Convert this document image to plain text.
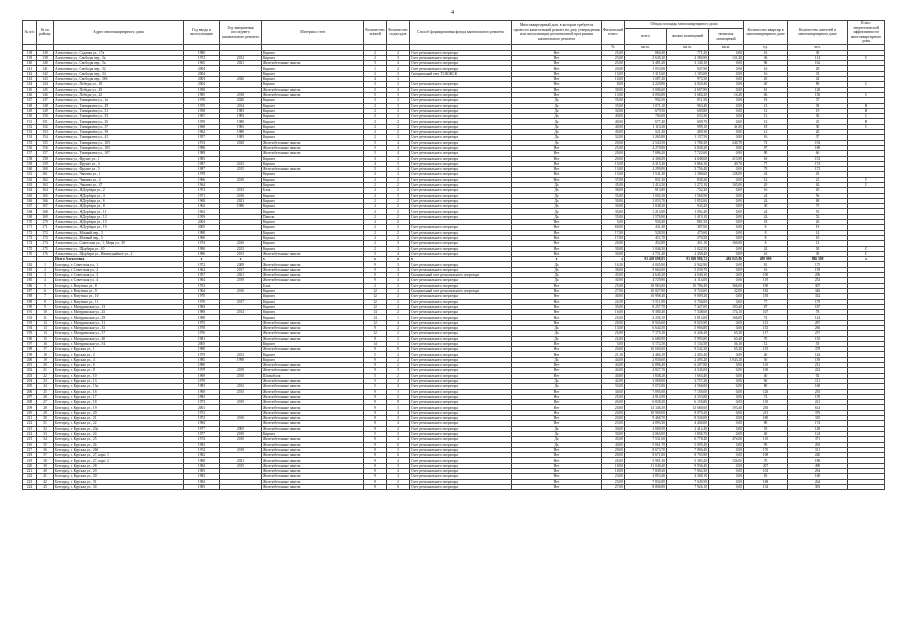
4
№ п/п	№ по району	Адрес многоквартирного дома	Год ввода в эксплуатацию	Год завершения последнего капитального ремонта	Материал стен	Количество этажей	Количество подъездов	Способ формирования фонда капитального ремонта	Многоквартирный дом, в котором требуется провести капитальный ремонт на дату утверждения или актуализации региональной программы капитального ремонта	Физический износ	Общая площадь многоквартирного дома			Количество квартир в многоквартирном доме	Количество жителей в многоквартирном доме	Класс энергетической эффективности многоквартирного дома
											всего	жилых помещений	нежилых помещений			
										%	кв.м.	кв.м.	кв.м.	ед.	чел.	
138	138	Алексеевка ул., Садовая ул., 17а	1980		Кирпич	2	2	Счет регионального оператора	Нет	25,00	860,40	771,20	0,00	16	30	
139	139	Алексеевка ул., Свободы пер., 3а	1972	2012	Кирпич	2	3	Счет регионального оператора	Нет	25,00	2 645,20	2 380,90	121,20	36	114	С
140	140	Алексеевка ул., Свободы пер., 5а	1965	2021	Железобетонные панели	5	4	Счет регионального оператора	Нет	25,00	3 481,20	3 140,10	0,00	80	162	
141	141	Алексеевка ул., Свободы пер., 32	2004		Кирпич	1	2	Счет регионального оператора	Нет	20,00	1 053,80	947,90	0,00	16	28	
142	142	Алексеевка ул., Свободы пер., 34	2004		Кирпич	2	2	Специальный счет ТСЖ/ЖСК	Нет	15,00	1 315,60	1 183,00	0,00	16	33	
143	143	Алексеевка ул., Свободы пер., 36б	2003	2020	Кирпич	4	1		Нет	10,00	1 087,40	973,50	0,00	20	42	
144	144	Алексеевка ул., Победы ул., 18	2004		Кирпич	3	2	Счет регионального оператора	Нет	8,00	2 229,80	2 020,40	0,00	40	80	С
145	145	Алексеевка ул., Победы ул., 20	1958		Железобетонные панели	5	4	Счет регионального оператора	Нет	30,00	3 006,60	2 697,80	0,00	61	128	
146	146	Алексеевка ул., Победы ул., 22	1985	2018	Железобетонные панели	5	3	Счет регионального оператора	Нет	15,00	4 094,80	3 684,20	14,40	66	156	С
147	147	Алексеевка ул., Тимирязева ул., 1а	1978	2020	Кирпич	3	2	Счет регионального оператора	Да	35,00	902,50	811,50	0,00	18	37	
148	148	Алексеевка ул., Тимирязева ул., 29	1970	2014	Кирпич	2	3	Счет регионального оператора	Да	35,00	1 071,10	963,40	0,00	21	38	В
149	149	Алексеевка ул., Тимирязева ул., 31	1958	1983	Кирпич	2	2	Счет регионального оператора	Да	30,00	679,50	609,80	0,00	12	19	В
150	150	Алексеевка ул., Тимирязева ул., 33	1967	1983	Кирпич	2	2	Счет регионального оператора	Да	40,00	704,00	633,30	0,00	12	30	С
151	151	Алексеевка ул., Тимирязева ул., 35	1959	1980	Кирпич	2	2	Счет регионального оператора	Да	40,00	677,40	609,70	0,00	12	25	В
152	152	Алексеевка ул., Тимирязева ул., 37	1968	1983	Кирпич	2	2	Счет регионального оператора	Да	40,00	1 110,30	999,10	41,00	18	30	С
153	153	Алексеевка ул., Тимирязева ул., 39	1962	1980	Кирпич	2	2	Счет регионального оператора	Да	40,00	521,40	469,30	0,00	12	20	
154	154	Алексеевка ул., Тимирязева ул., 41	1957	1983	Кирпич	2	2	Счет регионального оператора	Да	32,00	1 265,80	1 137,50	0,00	16	37	
155	155	Алексеевка ул., Тимирязева ул., 103	1974	2020	Железобетонные панели	5	4	Счет регионального оператора	Да	20,00	2 543,50	1 786,30	240,70	72	194	
156	156	Алексеевка ул., Тимирязева ул., 105	1988		Железобетонные панели	5	4	Счет регионального оператора	Нет	25,00	4 279,80	3 849,20	0,00	87	188	
157	157	Алексеевка ул., Тимирязева ул., 107	1988		Железобетонные панели	5	4	Счет регионального оператора	Нет	20,00	7 886,20	7 722,60	0,00	80	66	
158	158	Алексеевка ул., Фрунзе ул., 1	1983		Кирпич	3	2	Счет регионального оператора	Нет	20,00	4 306,00	4 048,60	213,90	63	153	
159	159	Алексеевка ул., Фрунзе ул., 3	1987	2013	Кирпич	4	3	Счет регионального оператора	Нет	15,00	4 315,40	3 866,10	49,70	77	174	
160	160	Алексеевка ул., Фрунзе ул., 5	1987	2015	Железобетонные панели	5	4	Счет регионального оператора	Нет	15,00	4 299,80	3 756,40	0,00	79	172	
161	161	Алексеевка ул., Чапаева ул., 1	1978		Кирпич	3	2	Счет регионального оператора	Нет	15,00	1 541,40	1 386,60	128,00	24	45	
162	162	Алексеевка ул., Чапаева ул., 4	1966	2010	Кирпич	2	2	Счет регионального оператора	Нет	37,00	931,30	838,20	0,00	12	21	С
163	163	Алексеевка ул., Чапаева ул., 47	1964		Кирпич	2	2	Счет регионального оператора	Да	45,00	1 414,30	1 272,10	165,00	20	62	С
164	164	Алексеевка ул., ЖДорбари ул., 2	1973	2013	Блок	2	2	Счет регионального оператора	Да	38,00	813,80	732,30	0,00	16	20	
165	165	Алексеевка ул., ЖДорбари ул., 4	1971	2016	Кирпич	2	3	Счет регионального оператора	Да	35,00	1 002,30	1 560,50	0,00	24	56	
166	166	Алексеевка ул., ЖДорбари ул., 6	1968	2021	Кирпич	2	2	Счет регионального оператора	Да	30,00	2 053,70	1 852,60	0,00	24	68	
167	167	Алексеевка ул., ЖДорбари ул., 8	1962	1986	Кирпич	2	2	Счет регионального оператора	Да	30,00	1 048,20	943,20	0,00	30	75	
168	168	Алексеевка ул., ЖДорбари ул., 11	1963		Кирпич	2	2	Счет регионального оператора	Да	30,00	1 213,80	1 092,40	0,00	24	55	
169	169	Алексеевка ул., ЖДорбари ул., 13	1959		Панели	2	2	Счет регионального оператора	Да	35,00	1 576,80	1 419,10	0,00	24	52	
170	170	Алексеевка ул., ЖДорбари ул., 15	2004		Кирпич	2	2		Нет	5,00	930,40	881,50	0,00	18	26	
171	171	Алексеевка ул., ЖДорбари ул., 19	2005		Кирпич	2	2	Счет регионального оператора	Нет	60,00	431,40	387,60	0,00	8	19	
172	172	Алексеевка ул., Южный пер., 3	1988		Кирпич	2	2	Счет регионального оператора	Нет	17,00	528,50	475,60	0,00	8	14	
173	173	Алексеевка ул., Южный пер., 5	1960		Кирпич	2	2	Счет регионального оператора	Нет	17,00	411,70	370,50	0,00	8	10	
174	174	Алексеевка ул., Советская ул., 1, Мира ул., 39	1974	2016	Кирпич	2	3	Счет регионального оператора	Нет	20,00	452,80	451,10	160,00	8	13	
175	175	Алексеевка ул., Щорбари ул., 10	1990	2013	Кирпич	2	2	Счет регионального оператора	Нет	30,00	1 046,50	1 022,50	0,00	24	30	С
176	176	Алексеевка ул., Щорбари ул., Ивантуцыйное ул., 2	1980	2013	Железобетонные панели	5	4	Счет регионального оператора	Нет	30,00	2 731,40	2 458,40	0,00	16	30	С
		Итого Алексеевка	х	х	х	х	х	х	х	х	93 438 698,85	83 849 886,72	486 025,86	498 000	886 308	х
182	1	Белгород, г. Советская ул., 1	1972	2009	Железобетонные панели	9	3	Счет регионального оператора	Да	16,50	4 005,80	3 942,90	0,00	81	175	
183	2	Белгород, г. Советская ул., 2	1962	2017	Железобетонные панели	9	4	Счет регионального оператора	Да	38,00	5 664,00	5 039,70	0,00	16	159	
184	3	Белгород, г. Советская ул., 3	1957	2021	Железобетонные панели	9	3	Специальный счет регионального оператора	Да	45,00	4 645,20	4 046,30	0,00	100	206	
185	4	Белгород, г. Советская ул., 4	1964	2019	Железобетонные панели	9	4	Счет регионального оператора	Да	30,00	4 729,90	4 114,00	0,00	119	253	
186	5	Белгород, г. Ватутина ул., 8	1972		Блок	2	2	Счет регионального оператора	Нет	25,00	10 963,00	10 786,40	366,00	190	307	
187	6	Белгород, г. Ватутина ул., 9	1964	2016	Кирпич	12	2	Специальный счет регионального оператора	Нет	27,90	10 827,80	9 724,00	32,00	182	346	
188	7	Белгород, г. Ватутина ул., 10	1970		Кирпич	12	2	Счет регионального оператора	Нет	40,00	10 908,40	9 809,20	0,00	150	332	
189	8	Белгород, г. Ватутина ул., 11	1970	2017	Кирпич	12	2	Счет регионального оператора	Нет	24,50	5 511,90	5 726,00	0,00	77	179	
190	9	Белгород, г. Мичуринская ул., 13	1984		Кирпич	12	2	Счет регионального оператора	Нет	35,00	8 257,70	7 427,00	103,40	87	187	
191	10	Белгород, г. Мичуринская ул., 25	1988	2014	Кирпич	14	2	Счет регионального оператора	Нет	16,00	8 380,40	7 548,60	174,10	107	78	
192	11	Белгород, г. Мичуринская ул., 29	1988		Кирпич	14	1	Счет регионального оператора	Нет	25,00	4 236,10	3 813,00	166,00	74	124	
193	12	Белгород, г. Мичуринская ул., 31	1975		Железобетонные панели	12	4	Счет регионального оператора	Нет	20,00	8 926,60	8 025,90	0,00	115	287	
194	13	Белгород, г. Мичуринская ул., 35	1978		Железобетонные панели	9	2	Счет регионального оператора	Да	15,00	6 644,50	5 966,80	0,00	133	266	
195	14	Белгород, г. Мичуринская ул., 37	1976		Железобетонные панели	12	2	Счет регионального оператора	Да	25,00	7 175,10	6 446,20	65,20	117	237	
196	15	Белгород, г. Мичуринская ул., 40	1981		Железобетонные панели	9	2	Счет регионального оператора	Да	22,00	6 680,90	5 995,80	63,40	70	155	
197	16	Белгород, г. Мичуринская ул., 54	2005		Кирпич	14	1	Счет регионального оператора	Нет	5,00	5 172,30	5 134,50	36,10	12	35	
198	17	Белгород, г. Курская ул., 1	1980		Железобетонные панели	9	8	Счет регионального оператора	Нет	20,00	10 604,00	9 542,30	65,20	155	378	
199	18	Белгород, г. Курская ул., 2	1979	2013	Кирпич	5	2	Счет регионального оператора	Нет	21,10	2 466,10	2 403,40	0,00	40	144	
200	19	Белгород, г. Курская ул., 4	1985	1998	Кирпич	9	2	Счет регионального оператора	Да	44,00	2 830,60	2 495,20	1 043,20	50	139	
201	20	Белгород, г. Курская ул., 6	1980		Железобетонные панели	9	2	Счет регионального оператора	Нет	44,00	6 896,40	6 207,80	0,00	110	212	
202	21	Белгород, г. Курская ул., 8	1979	2019	Железобетонные панели	9	3	Счет регионального оператора	Нет	44,00	4 827,70	4 345,00	0,00	100	222	
203	22	Белгород, г. Курская ул., 10	1969	2010	Шлакоблок	5	2	Счет регионального оператора	Нет	40,00	1 848,20	1 663,40	0,00	40	92	
204	23	Белгород, г. Курская ул., 13	1970		Железобетонные панели	5	4	Счет регионального оператора	Да	42,00	3 068,00	2 757,20	0,00	60	111	
205	24	Белгород, г. Курская ул., 15а	1983	2012	Железобетонные панели	5	4	Счет регионального оператора	Да	33,00	5 072,80	4 566,00	0,00	80	160	
206	25	Белгород, г. Курская ул., 16	1990	2015	Железобетонные панели	9	1	Счет регионального оператора	Нет	30,00	7 095,00	7 156,00	0,00	120	255	
207	26	Белгород, г. Курская ул., 17	1983		Железобетонные панели	9	2	Счет регионального оператора	Нет	25,00	4 814,90	4 333,80	0,00	72	159	
208	27	Белгород, г. Курская ул., 18	1973	2019	Железобетонные панели	9	8	Счет регионального оператора	Нет	26,00	6 838,20	6 156,80	0,00	110	221	
209	28	Белгород, г. Курская ул., 19	2001		Железобетонные панели	9	3	Счет регионального оператора	Нет	20,00	14 346,30	13 680,00	193,40	230	614	
210	29	Белгород, г. Курская ул., 20	1972		Железобетонные панели	9	4	Счет регионального оператора	Нет	20,00	10 969,00	9 970,20	0,00	213	376	
211	30	Белгород, г. Курская ул., 21	1972	2016	Железобетонные панели	9	4	Счет регионального оператора	Нет	20,00	9 468,70	8 526,00	0,00	180	335	
212	31	Белгород, г. Курская ул., 22	1984		Железобетонные панели	9	4	Счет регионального оператора	Нет	25,00	4 893,30	4 404,00	0,00	80	174	
213	32	Белгород, г. Курская ул., 23а	1977	2005	Железобетонные панели	9	2	Счет регионального оператора	Да	30,00	2 680,50	2 412,40	0,00	55	128	
214	33	Белгород, г. Курская ул., 24	1977	2010	Кирпич	5	2	Счет регионального оператора	Да	30,00	2 063,00	1 856,70	0,00	40	124	
215	34	Белгород, г. Курская ул., 25	1974	2010	Железобетонные панели	9	4	Счет регионального оператора	Да	45,00	7 531,60	6 778,40	474,00	110	371	
216	35	Белгород, г. Курская ул., 26	1983		Железобетонные панели	9	6	Счет регионального оператора	Да	40,00	5 661,70	5 095,40	0,00	99	203	
217	36	Белгород, г. Курская ул., 26б	1974	2018	Железобетонные панели	9	3	Счет регионального оператора	Нет	29,00	8 673,70	7 806,40	0,00	170	311	
218	37	Белгород, г. Курская ул., 27, корп. 1	1982		Железобетонные панели	9	6	Счет регионального оператора	Нет	28,00	9 671,00	8 703,90	0,00	108	240	
219	38	Белгород, г. Курская ул., 27, корп. 2	1988	2021	Железобетонные панели	9	4	Счет регионального оператора	Нет	24,00	5 981,30	5 383,20	126,00	70	188	
220	39	Белгород, г. Курская ул., 28	1984	2015	Железобетонные панели	9	3	Счет регионального оператора	Нет	18,00	11 040,40	9 936,40	0,00	207	490	
221	40	Белгород, г. Курская ул., 29	1983		Железобетонные панели	9	4	Счет регионального оператора	Нет	18,00	7 849,20	7 064,30	0,00	163	294	
222	41	Белгород, г. Курская ул., 30	1982		Железобетонные панели	9	4	Счет регионального оператора	Нет	23,00	4 853,40	4 368,10	0,00	65	160	
223	42	Белгород, г. Курская ул., 31	1984		Железобетонные панели	9	2	Счет регионального оператора	Нет	25,00	7 832,80	7 049,50	0,00	168	264	
224	43	Белгород, г. Курская ул., 34	1983		Железобетонные панели	9	6	Счет регионального оператора	Нет	27,00	8 806,80	7 926,10	0,00	134	303	
